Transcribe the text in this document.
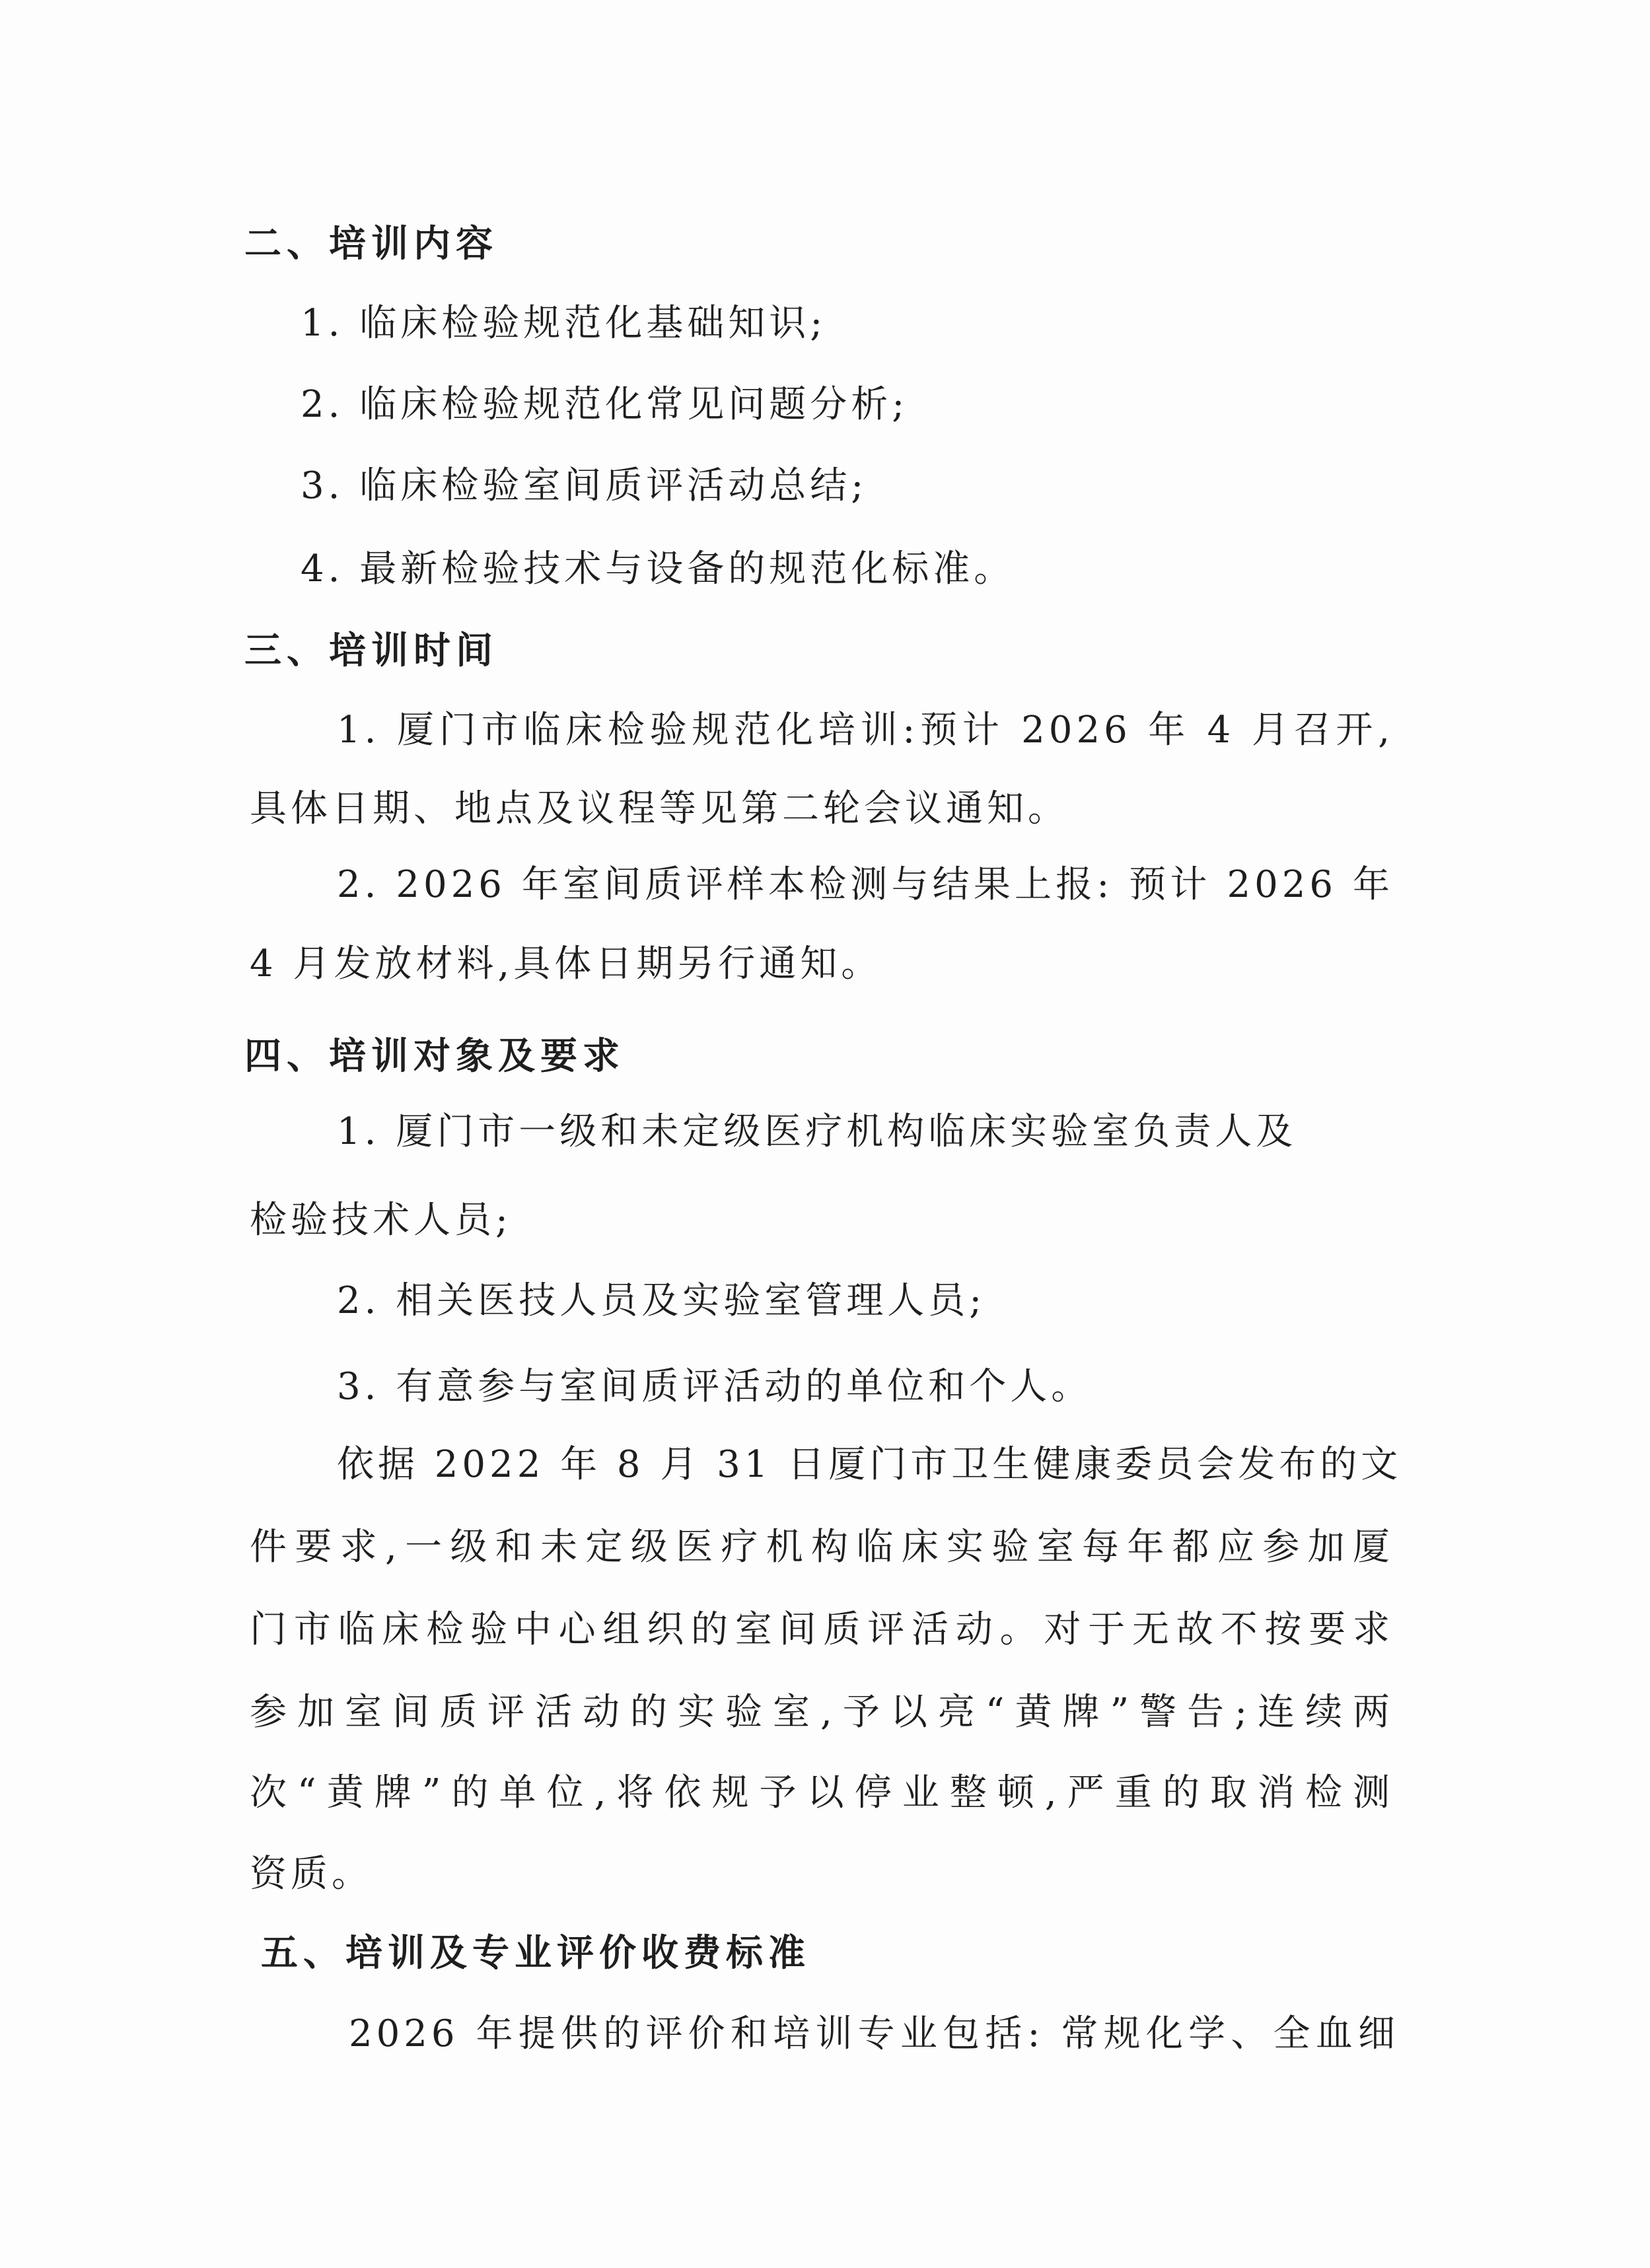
二、培训内容
1. 临床检验规范化基础知识;
2. 临床检验规范化常见问题分析;
3. 临床检验室间质评活动总结;
4. 最新检验技术与设备的规范化标准。
三、培训时间
1. 厦门市临床检验规范化培训:预计 2026 年 4 月召开,
具体日期、地点及议程等见第二轮会议通知。
2. 2026 年室间质评样本检测与结果上报: 预计 2026 年
4 月发放材料,具体日期另行通知。
四、培训对象及要求
1. 厦门市一级和未定级医疗机构临床实验室负责人及
检验技术人员;
2. 相关医技人员及实验室管理人员;
3. 有意参与室间质评活动的单位和个人。
依据 2022 年 8 月 31 日厦门市卫生健康委员会发布的文
件要求,一级和未定级医疗机构临床实验室每年都应参加厦
门市临床检验中心组织的室间质评活动。对于无故不按要求
参加室间质评活动的实验室,予以亮“黄牌”警告;连续两
次“黄牌”的单位,将依规予以停业整顿,严重的取消检测
资质。
五、培训及专业评价收费标准
2026 年提供的评价和培训专业包括: 常规化学、全血细
